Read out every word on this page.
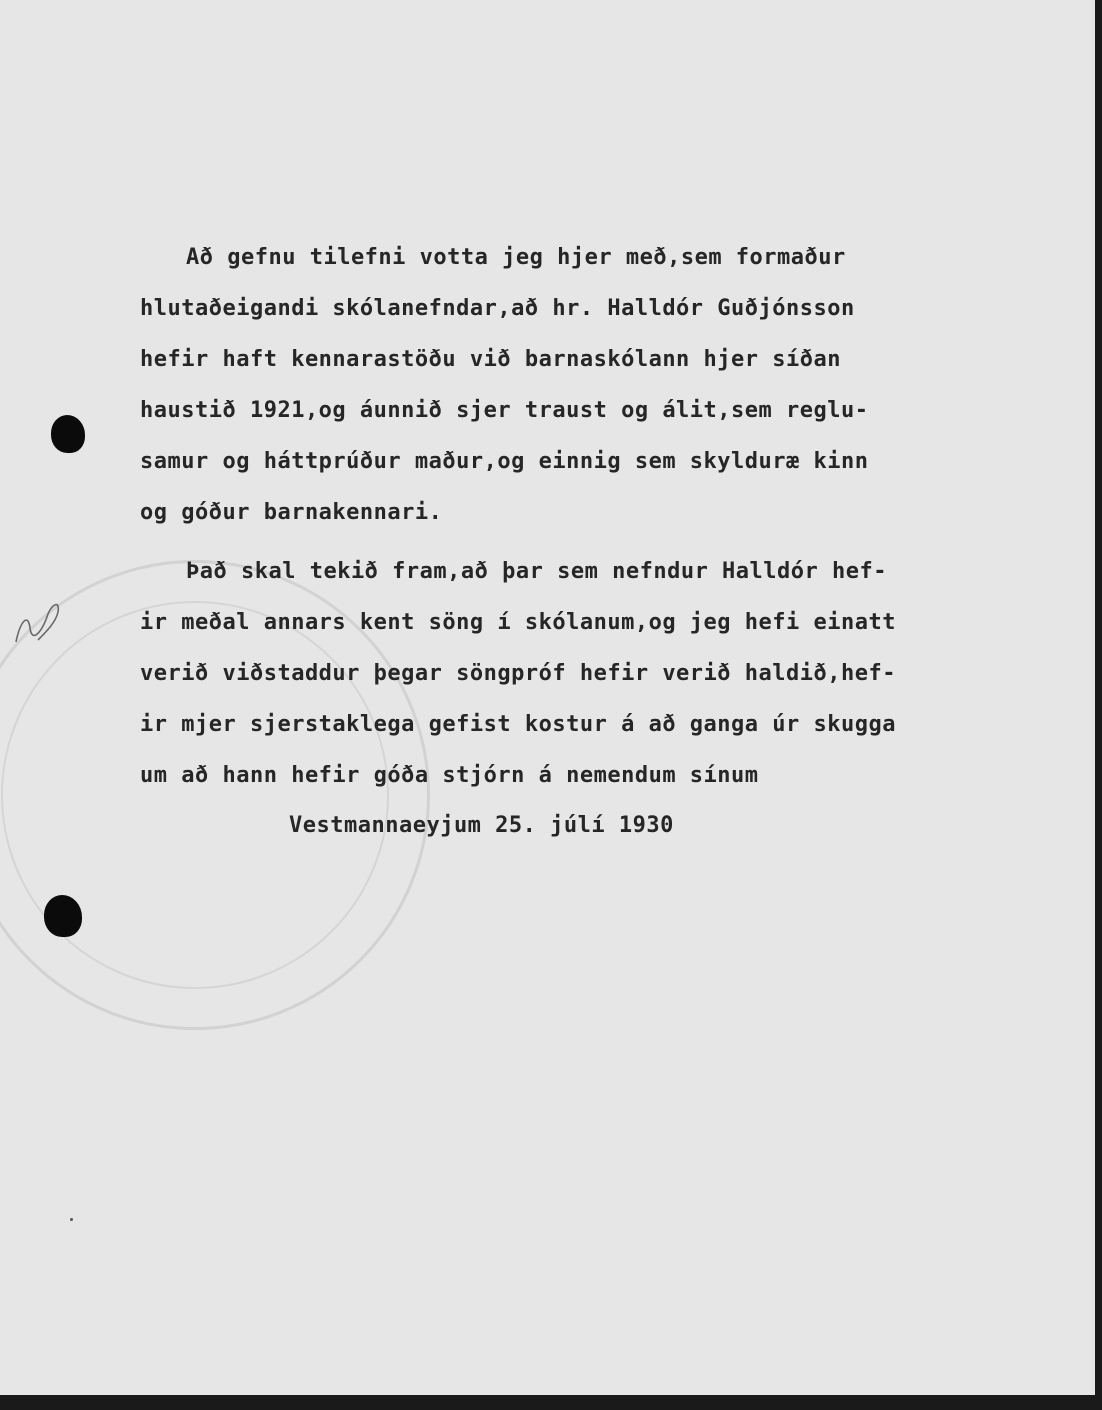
Að gefnu tilefni votta jeg hjer með,sem formaður
hlutaðeigandi skólanefndar,að hr. Halldór Guðjónsson
hefir haft kennarastöðu við barnaskólann hjer síðan
haustið 1921,og áunnið sjer traust og álit,sem reglu-
samur og háttprúður maður,og einnig sem skylduræ kinn
og góður barnakennari.

Það skal tekið fram,að þar sem nefndur Halldór hef-
ir meðal annars kent söng í skólanum,og jeg hefi einatt
verið viðstaddur þegar söngpróf hefir verið haldið,hef-
ir mjer sjerstaklega gefist kostur á að ganga úr skugga
um að hann hefir góða stjórn á nemendum sínum

Vestmannaeyjum 25. júlí 1930
